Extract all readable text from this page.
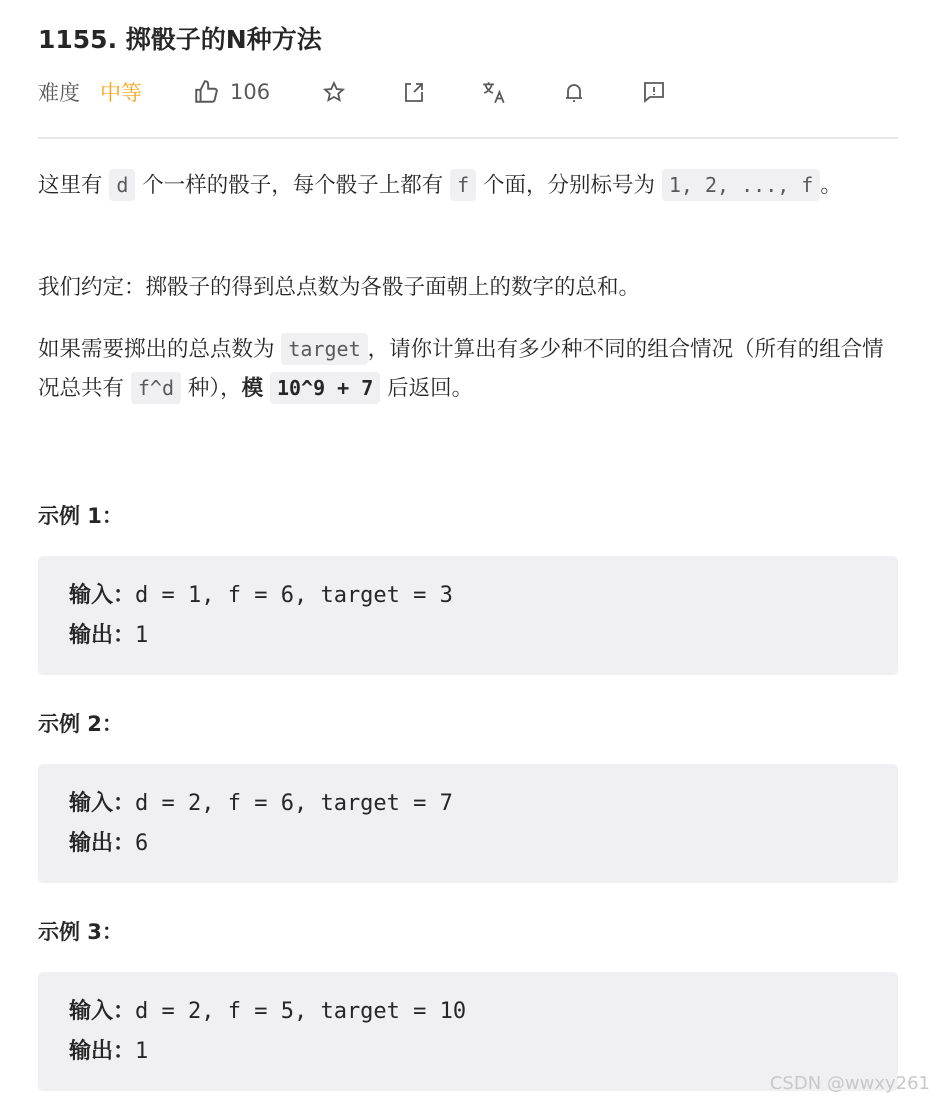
1155. 掷骰子的N种方法
难度 中等	106
这里有 d 个一样的骰子，每个骰子上都有 f 个面，分别标号为 1, 2, ..., f 。
我们约定：掷骰子的得到总点数为各骰子面朝上的数字的总和。
如果需要掷出的总点数为 target ，请你计算出有多少种不同的组合情况（所有的组合情况总共有 f^d 种），模 10^9 + 7 后返回。
示例 1：
输入：d = 1, f = 6, target = 3
输出：1
示例 2：
输入：d = 2, f = 6, target = 7
输出：6
示例 3：
输入：d = 2, f = 5, target = 10
输出：1
CSDN @wwxy261
